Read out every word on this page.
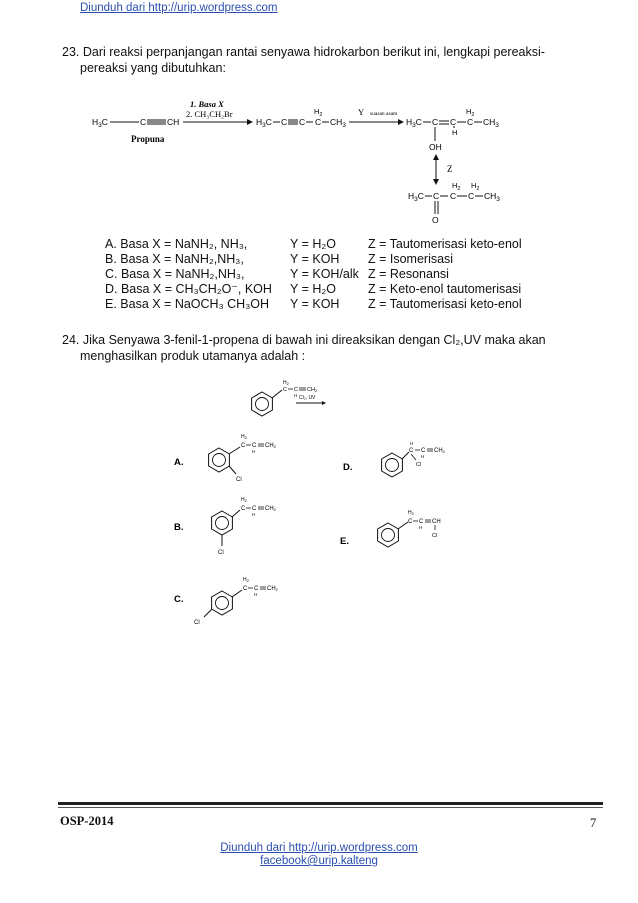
Diunduh dari http://urip.wordpress.com
23. Dari reaksi perpanjangan rantai senyawa hidrokarbon berikut ini, lengkapi pereaksi-
pereaksi yang dibutuhkan:
$H_3C$	C CH
Propuna
1. Basa X
2. CH₃CH₂Br
$H_3C$ C C
$H_2$
C $CH_3$
Y suasan asam
$H_3C$ C C
H
$H_2$
C $CH_3$
OH
Z
$H_3C$ C
$H_2$
C
$H_2$
C $CH_3$
O
A. Basa X = NaNH₂, NH₃,	Y = H₂O	Z = Tautomerisasi keto-enol
B. Basa X = NaNH₂,NH₃,	Y = KOH Z = Isomerisasi
C. Basa X = NaNH₂,NH₃,	Y = KOH/alk Z = Resonansi
D. Basa X = CH₃CH₂O⁻, KOH Y = H₂O	Z = Keto-enol tautomerisasi
E. Basa X = NaOCH₃ CH₃OH Y = KOH Z = Tautomerisasi keto-enol
24. Jika Senyawa 3-fenil-1-propena di bawah ini direaksikan dengan Cl₂,UV maka akan
menghasilkan produk utamanya adalah :
$H_2$
C C
H
CH2
Cl₂, UV
A.
$H_2$
C C
H
CH2
Cl
B.
$H_2$
C C
H
CH2
Cl
C.
$H_2$
C C
H
CH2
Cl
D.
C
H
C
H
CH2
Cl
E.
$H_2$
C C
H
CH
Cl
OSP-2014	7
Diunduh dari http://urip.wordpress.com
facebook@urip.kalteng
